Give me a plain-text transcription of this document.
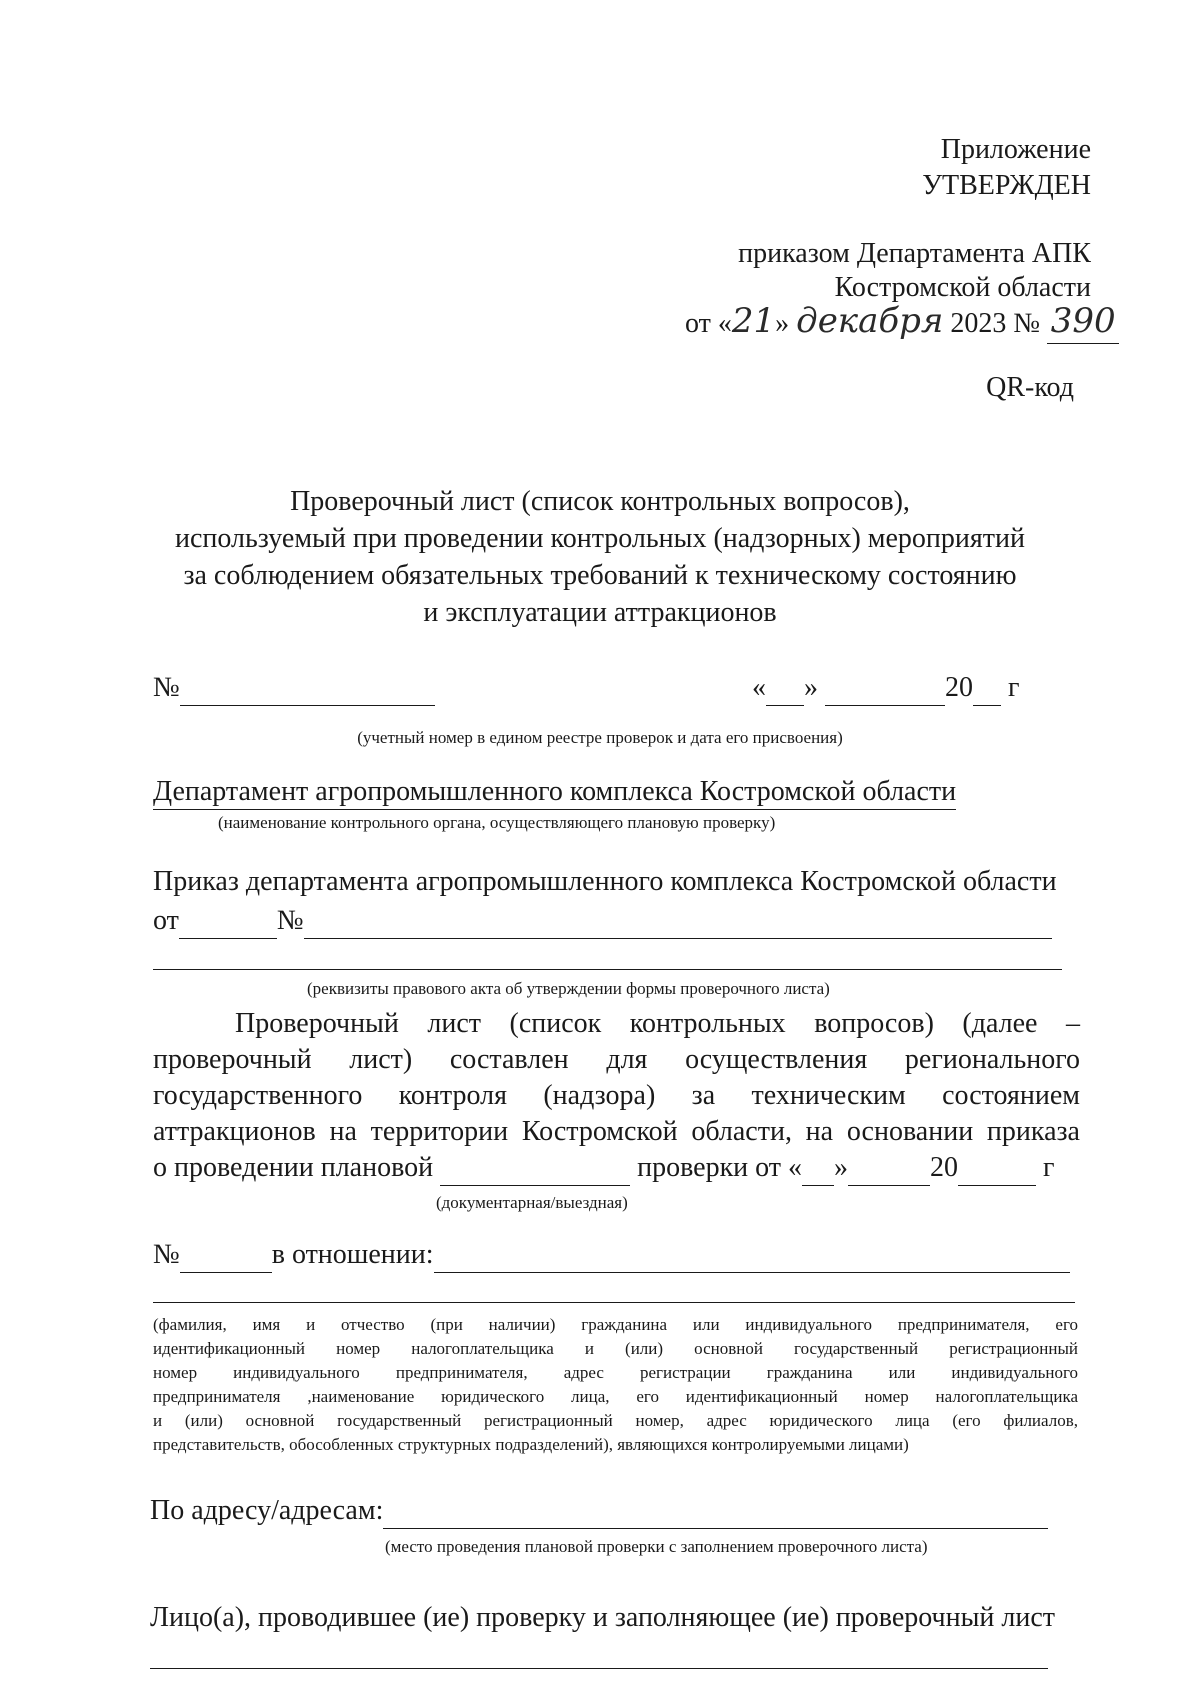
Приложение
УТВЕРЖДЕН
приказом Департамента АПК
Костромской области
от «21» декабря 2023 № 390
QR-код
Проверочный лист (список контрольных вопросов),
используемый при проведении контрольных (надзорных) мероприятий
за соблюдением обязательных требований к техническому состоянию
и эксплуатации аттракционов
№	« »	20 г
(учетный номер в едином реестре проверок и дата его присвоения)
Департамент агропромышленного комплекса Костромской области
(наименование контрольного органа, осуществляющего плановую проверку)
Приказ департамента агропромышленного комплекса Костромской области
от	№
(реквизиты правового акта об утверждении формы проверочного листа)
Проверочный лист (список контрольных вопросов) (далее –
проверочный лист) составлен для осуществления регионального
государственного контроля (надзора) за техническим состоянием
аттракционов на территории Костромской области, на основании приказа
о проведении плановой	проверки от « »	20	г
(документарная/выездная)
№	в отношении:
(фамилия, имя и отчество (при наличии) гражданина или индивидуального предпринимателя, его
идентификационный номер налогоплательщика и (или) основной государственный регистрационный
номер индивидуального предпринимателя, адрес регистрации гражданина или индивидуального
предпринимателя ,наименование юридического лица, его идентификационный номер налогоплательщика
и (или) основной государственный регистрационный номер, адрес юридического лица (его филиалов,
представительств, обособленных структурных подразделений), являющихся контролируемыми лицами)
По адресу/адресам:
(место проведения плановой проверки с заполнением проверочного листа)
Лицо(а), проводившее (ие) проверку и заполняющее (ие) проверочный лист
